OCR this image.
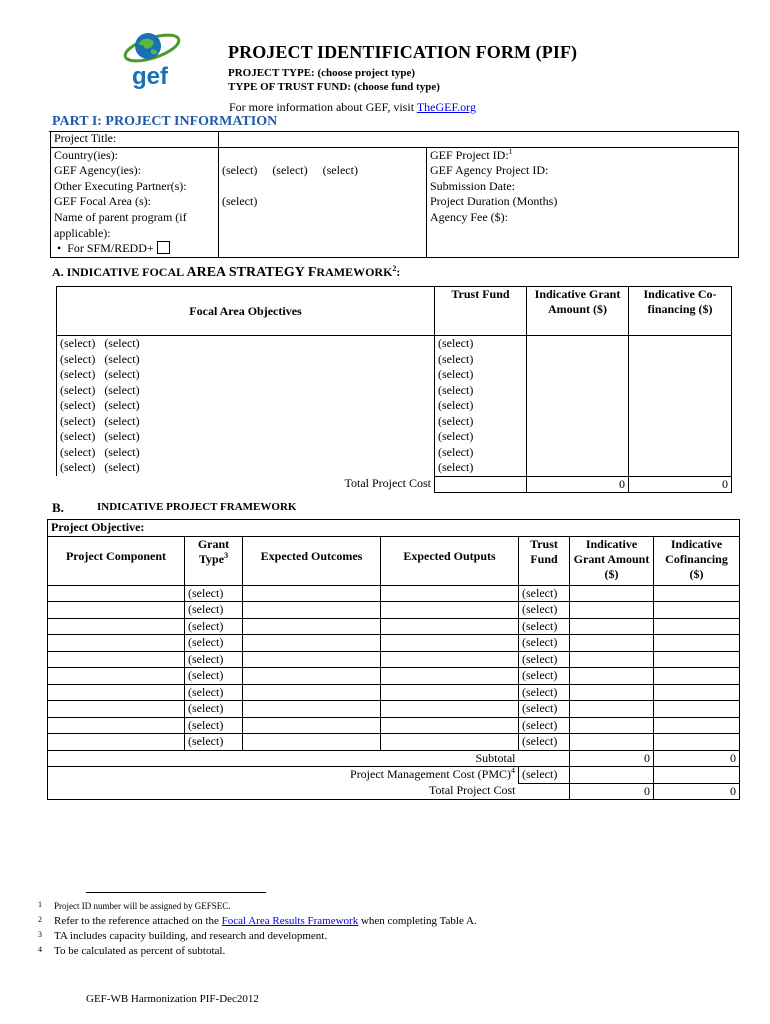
gef
PROJECT IDENTIFICATION FORM (PIF)
PROJECT TYPE: (choose project type)
TYPE OF TRUST FUND: (choose fund type)
For more information about GEF, visit TheGEF.org
PART I: PROJECT INFORMATION
Project Title:		
Country(ies):		GEF Project ID:$^1$
GEF Agency(ies):	(select) (select) (select)	GEF Agency Project ID:
Other Executing Partner(s):		Submission Date:
GEF Focal Area (s):	(select)	Project Duration (Months)

Name of parent program (if
applicable):
•  For SFM/REDD+		Agency Fee ($):
A. INDICATIVE FOCAL AREA STRATEGY FRAMEWORK$^2$:
Focal Area Objectives	Trust Fund	Indicative Grant Amount ($)	Indicative Co-financing ($)
(select) (select)	(select)		
(select) (select)	(select)		
(select) (select)	(select)		
(select) (select)	(select)		
(select) (select)	(select)		
(select) (select)	(select)		
(select) (select)	(select)		
(select) (select)	(select)		
(select) (select)	(select)		
Total Project Cost		0	0
B.	INDICATIVE PROJECT FRAMEWORK
Project Objective:						
Project Component	Grant Type$^3$	Expected Outcomes	Expected Outputs	Trust Fund	Indicative Grant Amount ($)	Indicative Cofinancing ($)
	(select)			(select)		
	(select)			(select)		
	(select)			(select)		
	(select)			(select)		
	(select)			(select)		
	(select)			(select)		
	(select)			(select)		
	(select)			(select)		
	(select)			(select)		
	(select)			(select)		
Subtotal					0	0
Project Management Cost (PMC)$^4$				(select)		
Total Project Cost					0	0
1 Project ID number will be assigned by GEFSEC.
2 Refer to the reference attached on the Focal Area Results Framework when completing Table A.
3 TA includes capacity building, and research and development.
4 To be calculated as percent of subtotal.
GEF-WB Harmonization PIF-Dec2012
